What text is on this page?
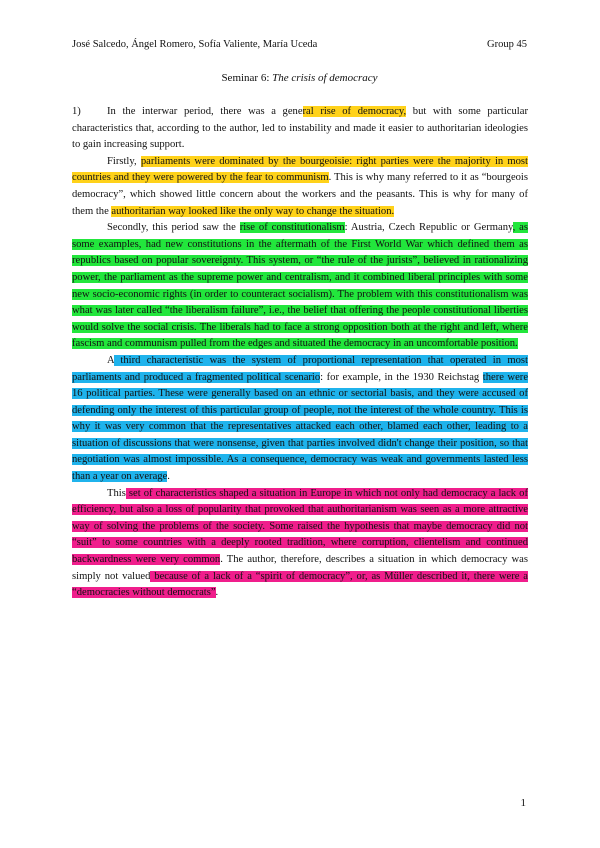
José Salcedo, Ángel Romero, Sofía Valiente, María Uceda	Group 45
Seminar 6: The crisis of democracy

1) In the interwar period, there was a general rise of democracy, but with some particular characteristics that, according to the author, led to instability and made it easier to authoritarian ideologies to gain increasing support.

Firstly, parliaments were dominated by the bourgeoisie: right parties were the majority in most countries and they were powered by the fear to communism. This is why many referred to it as “bourgeois democracy”, which showed little concern about the workers and the peasants. This is why for many of them the authoritarian way looked like the only way to change the situation.

Secondly, this period saw the rise of constitutionalism: Austria, Czech Republic or Germany, as some examples, had new constitutions in the aftermath of the First World War which defined them as republics based on popular sovereignty. This system, or “the rule of the jurists”, believed in rationalizing power, the parliament as the supreme power and centralism, and it combined liberal principles with some new socio-economic rights (in order to counteract socialism). The problem with this constitutionalism was what was later called “the liberalism failure”, i.e., the belief that offering the people constitutional liberties would solve the social crisis. The liberals had to face a strong opposition both at the right and left, where fascism and communism pulled from the edges and situated the democracy in an uncomfortable position.

A third characteristic was the system of proportional representation that operated in most parliaments and produced a fragmented political scenario: for example, in the 1930 Reichstag there were 16 political parties. These were generally based on an ethnic or sectorial basis, and they were accused of defending only the interest of this particular group of people, not the interest of the whole country. This is why it was very common that the representatives attacked each other, blamed each other, leading to a situation of discussions that were nonsense, given that parties involved didn't change their position, so that negotiation was almost impossible. As a consequence, democracy was weak and governments lasted less than a year on average.

This set of characteristics shaped a situation in Europe in which not only had democracy a lack of efficiency, but also a loss of popularity that provoked that authoritarianism was seen as a more attractive way of solving the problems of the society. Some raised the hypothesis that maybe democracy did not “suit” to some countries with a deeply rooted tradition, where corruption, clientelism and continued backwardness were very common. The author, therefore, describes a situation in which democracy was simply not valued because of a lack of a “spirit of democracy”, or, as Müller described it, there were a “democracies without democrats”.

1
